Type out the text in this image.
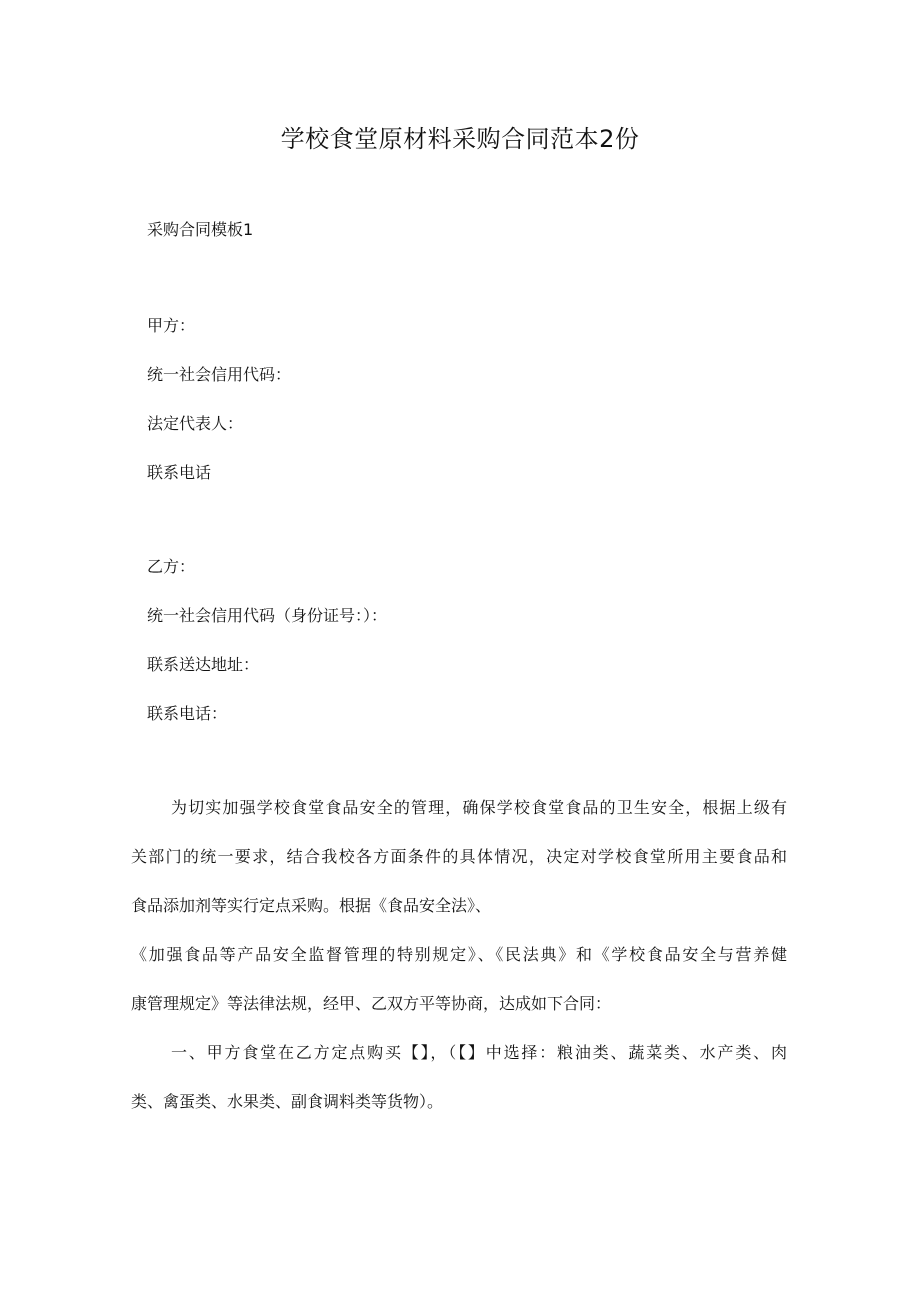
学校食堂原材料采购合同范本2份
采购合同模板1
甲方：
统一社会信用代码：
法定代表人：
联系电话
乙方：
统一社会信用代码（身份证号：）：
联系送达地址：
联系电话：
为切实加强学校食堂食品安全的管理，确保学校食堂食品的卫生安全，根据上级有
关部门的统一要求，结合我校各方面条件的具体情况，决定对学校食堂所用主要食品和
食品添加剂等实行定点采购。根据《食品安全法》、
《加强食品等产品安全监督管理的特别规定》、《民法典》和《学校食品安全与营养健
康管理规定》等法律法规，经甲、乙双方平等协商，达成如下合同：
一、甲方食堂在乙方定点购买【】，（【】中选择：粮油类、蔬菜类、水产类、肉
类、禽蛋类、水果类、副食调料类等货物）。
